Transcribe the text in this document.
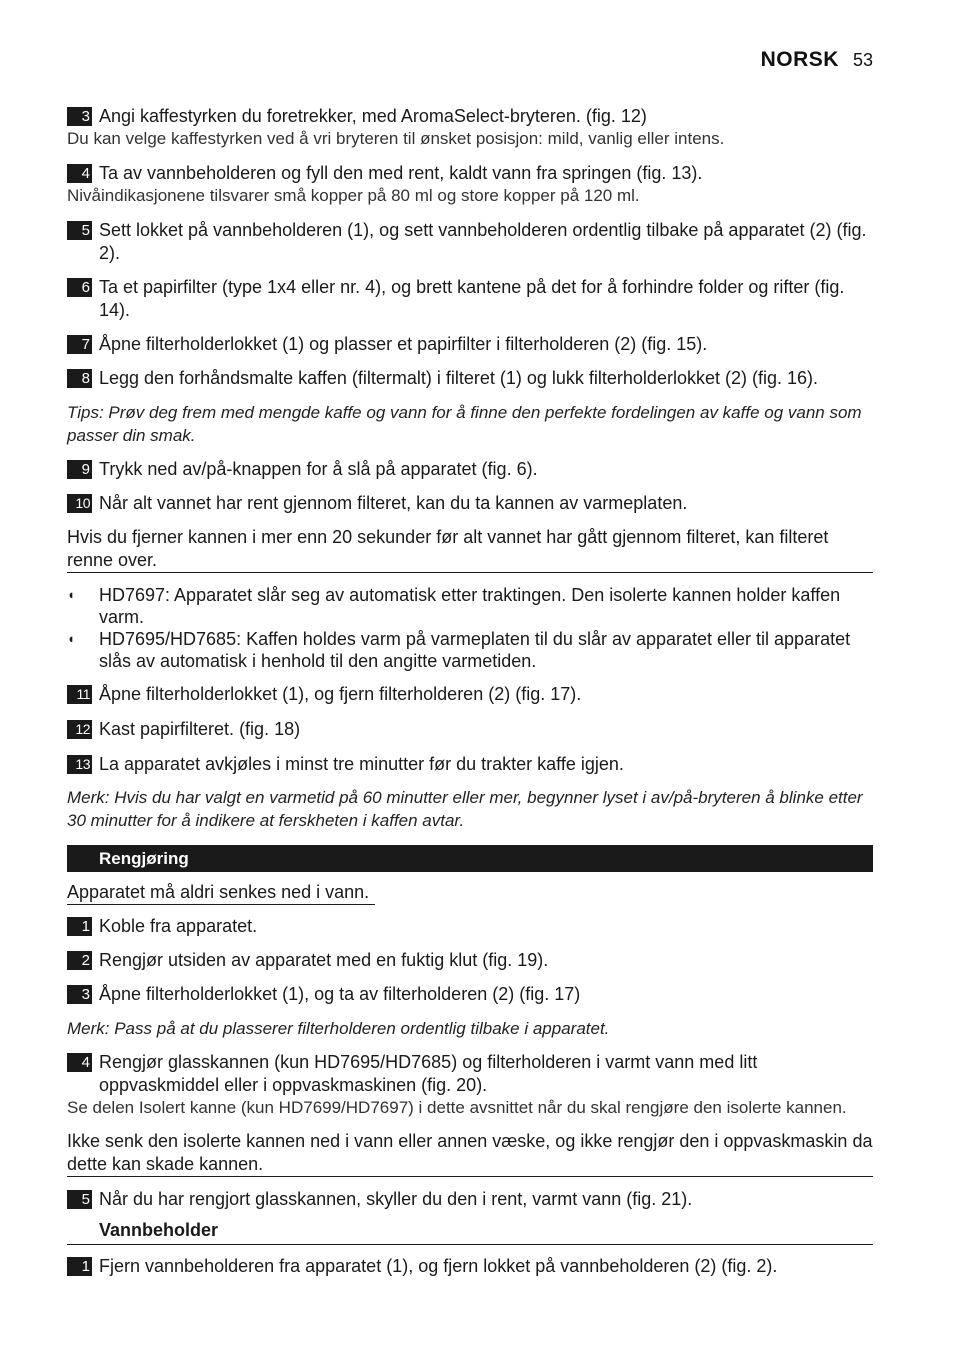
NORSK 53
3 Angi kaffestyrken du foretrekker, med AromaSelect-bryteren. (fig. 12)
Du kan velge kaffestyrken ved å vri bryteren til ønsket posisjon: mild, vanlig eller intens.
4 Ta av vannbeholderen og fyll den med rent, kaldt vann fra springen (fig. 13).
Nivåindikasjonene tilsvarer små kopper på 80 ml og store kopper på 120 ml.
5 Sett lokket på vannbeholderen (1), og sett vannbeholderen ordentlig tilbake på apparatet (2) (fig. 2).
6 Ta et papirfilter (type 1x4 eller nr. 4), og brett kantene på det for å forhindre folder og rifter (fig. 14).
7 Åpne filterholderlokket (1) og plasser et papirfilter i filterholderen (2) (fig. 15).
8 Legg den forhåndsmalte kaffen (filtermalt) i filteret (1) og lukk filterholderlokket (2) (fig. 16).
Tips: Prøv deg frem med mengde kaffe og vann for å finne den perfekte fordelingen av kaffe og vann som passer din smak.
9 Trykk ned av/på-knappen for å slå på apparatet (fig. 6).
10 Når alt vannet har rent gjennom filteret, kan du ta kannen av varmeplaten.
Hvis du fjerner kannen i mer enn 20 sekunder før alt vannet har gått gjennom filteret, kan filteret renne over.
◖	HD7697: Apparatet slår seg av automatisk etter traktingen. Den isolerte kannen holder kaffen varm.
◖	HD7695/HD7685: Kaffen holdes varm på varmeplaten til du slår av apparatet eller til apparatet slås av automatisk i henhold til den angitte varmetiden.
11 Åpne filterholderlokket (1), og fjern filterholderen (2) (fig. 17).
12 Kast papirfilteret. (fig. 18)
13 La apparatet avkjøles i minst tre minutter før du trakter kaffe igjen.
Merk: Hvis du har valgt en varmetid på 60 minutter eller mer, begynner lyset i av/på-bryteren å blinke etter 30 minutter for å indikere at ferskheten i kaffen avtar.
Rengjøring
Apparatet må aldri senkes ned i vann.
1 Koble fra apparatet.
2 Rengjør utsiden av apparatet med en fuktig klut (fig. 19).
3 Åpne filterholderlokket (1), og ta av filterholderen (2) (fig. 17)
Merk: Pass på at du plasserer filterholderen ordentlig tilbake i apparatet.
4 Rengjør glasskannen (kun HD7695/HD7685) og filterholderen i varmt vann med litt oppvaskmiddel eller i oppvaskmaskinen (fig. 20).
Se delen Isolert kanne (kun HD7699/HD7697) i dette avsnittet når du skal rengjøre den isolerte kannen.
Ikke senk den isolerte kannen ned i vann eller annen væske, og ikke rengjør den i oppvaskmaskin da dette kan skade kannen.
5 Når du har rengjort glasskannen, skyller du den i rent, varmt vann (fig. 21).
Vannbeholder
1 Fjern vannbeholderen fra apparatet (1), og fjern lokket på vannbeholderen (2) (fig. 2).
